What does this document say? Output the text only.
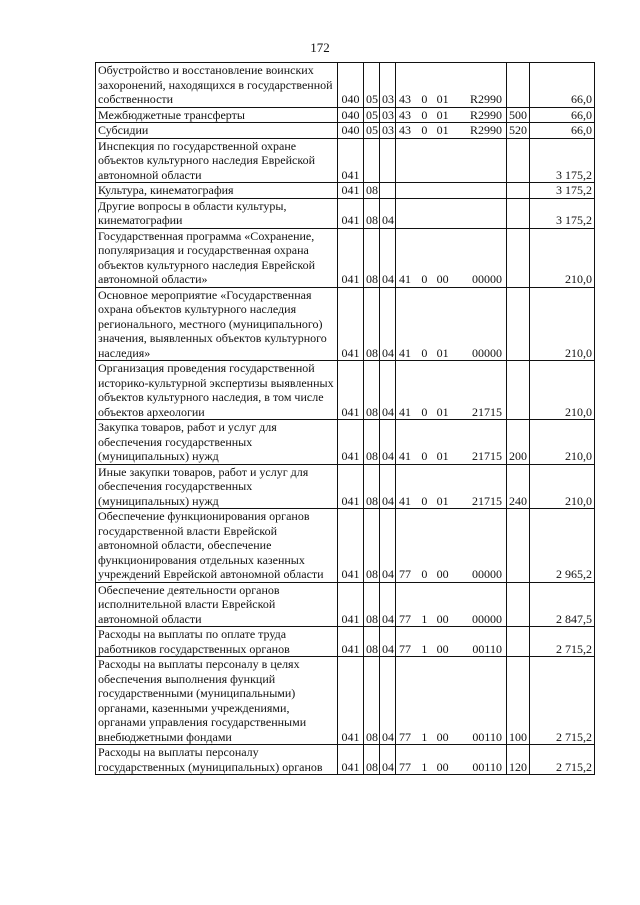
172
Обустройство и восстановление воинских захоронений, находящихся в государственной собственности	040	05	03	43 0 01 R2990		66,0
Межбюджетные трансферты	040	05	03	43 0 01 R2990	500	66,0
Субсидии	040	05	03	43 0 01 R2990	520	66,0
Инспекция по государственной охране объектов культурного наследия Еврейской автономной области	041					3 175,2
Культура, кинематография	041	08				3 175,2
Другие вопросы в области культуры, кинематографии	041	08	04			3 175,2
Государственная программа «Сохранение, популяризация и государственная охрана объектов культурного наследия Еврейской автономной области»	041	08	04	41 0 00 00000		210,0
Основное мероприятие «Государственная охрана объектов культурного наследия регионального, местного (муниципального) значения, выявленных объектов культурного наследия»	041	08	04	41 0 01 00000		210,0
Организация проведения государственной историко-культурной экспертизы выявленных объектов культурного наследия, в том числе объектов археологии	041	08	04	41 0 01 21715		210,0
Закупка товаров, работ и услуг для обеспечения государственных (муниципальных) нужд	041	08	04	41 0 01 21715	200	210,0
Иные закупки товаров, работ и услуг для обеспечения государственных (муниципальных) нужд	041	08	04	41 0 01 21715	240	210,0
Обеспечение функционирования органов государственной власти Еврейской автономной области, обеспечение функционирования отдельных казенных учреждений Еврейской автономной области	041	08	04	77 0 00 00000		2 965,2
Обеспечение деятельности органов исполнительной власти Еврейской автономной области	041	08	04	77 1 00 00000		2 847,5
Расходы на выплаты по оплате труда работников государственных органов	041	08	04	77 1 00 00110		2 715,2
Расходы на выплаты персоналу в целях обеспечения выполнения функций государственными (муниципальными) органами, казенными учреждениями, органами управления государственными внебюджетными фондами	041	08	04	77 1 00 00110	100	2 715,2
Расходы на выплаты персоналу государственных (муниципальных) органов	041	08	04	77 1 00 00110	120	2 715,2
